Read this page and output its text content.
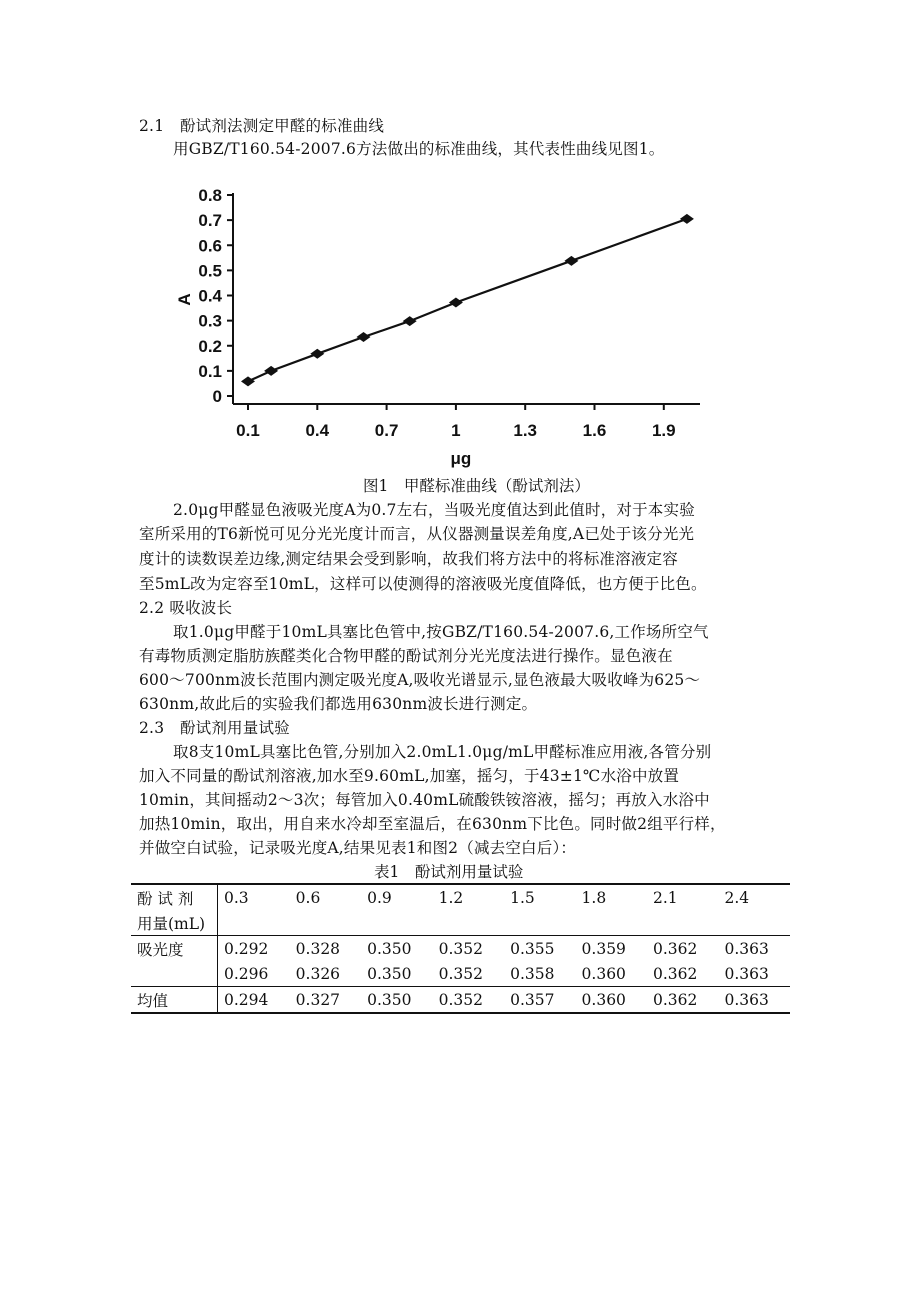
2.1　酚试剂法测定甲醛的标准曲线
用GBZ/T160.54-2007.6方法做出的标准曲线，其代表性曲线见图1。
0
0.1
0.2
0.3
0.4
0.5
0.6
0.7
0.8
0.1	0.4	0.7	1	1.3	1.6	1.9
A
μg
图1　甲醛标准曲线（酚试剂法）
2.0μg甲醛显色液吸光度A为0.7左右，当吸光度值达到此值时，对于本实验
室所采用的T6新悦可见分光光度计而言，从仪器测量误差角度,A已处于该分光光
度计的读数误差边缘,测定结果会受到影响，故我们将方法中的将标准溶液定容
至5mL改为定容至10mL，这样可以使测得的溶液吸光度值降低，也方便于比色。
2.2 吸收波长
取1.0μg甲醛于10mL具塞比色管中,按GBZ/T160.54-2007.6,工作场所空气
有毒物质测定脂肪族醛类化合物甲醛的酚试剂分光光度法进行操作。显色液在
600～700nm波长范围内测定吸光度A,吸收光谱显示,显色液最大吸收峰为625～
630nm,故此后的实验我们都选用630nm波长进行测定。
2.3　酚试剂用量试验
取8支10mL具塞比色管,分别加入2.0mL1.0μg/mL甲醛标准应用液,各管分别
加入不同量的酚试剂溶液,加水至9.60mL,加塞，摇匀，于43±1℃水浴中放置
10min，其间摇动2～3次；每管加入0.40mL硫酸铁铵溶液，摇匀；再放入水浴中
加热10min，取出，用自来水冷却至室温后，在630nm下比色。同时做2组平行样，
并做空白试验，记录吸光度A,结果见表1和图2（减去空白后）：
表1　酚试剂用量试验
酚 试 剂	0.3	0.6	0.9	1.2	1.5	1.8	2.1	2.4
用量(mL)								
吸光度	0.292	0.328	0.350	0.352	0.355	0.359	0.362	0.363
	0.296	0.326	0.350	0.352	0.358	0.360	0.362	0.363
均值	0.294	0.327	0.350	0.352	0.357	0.360	0.362	0.363
